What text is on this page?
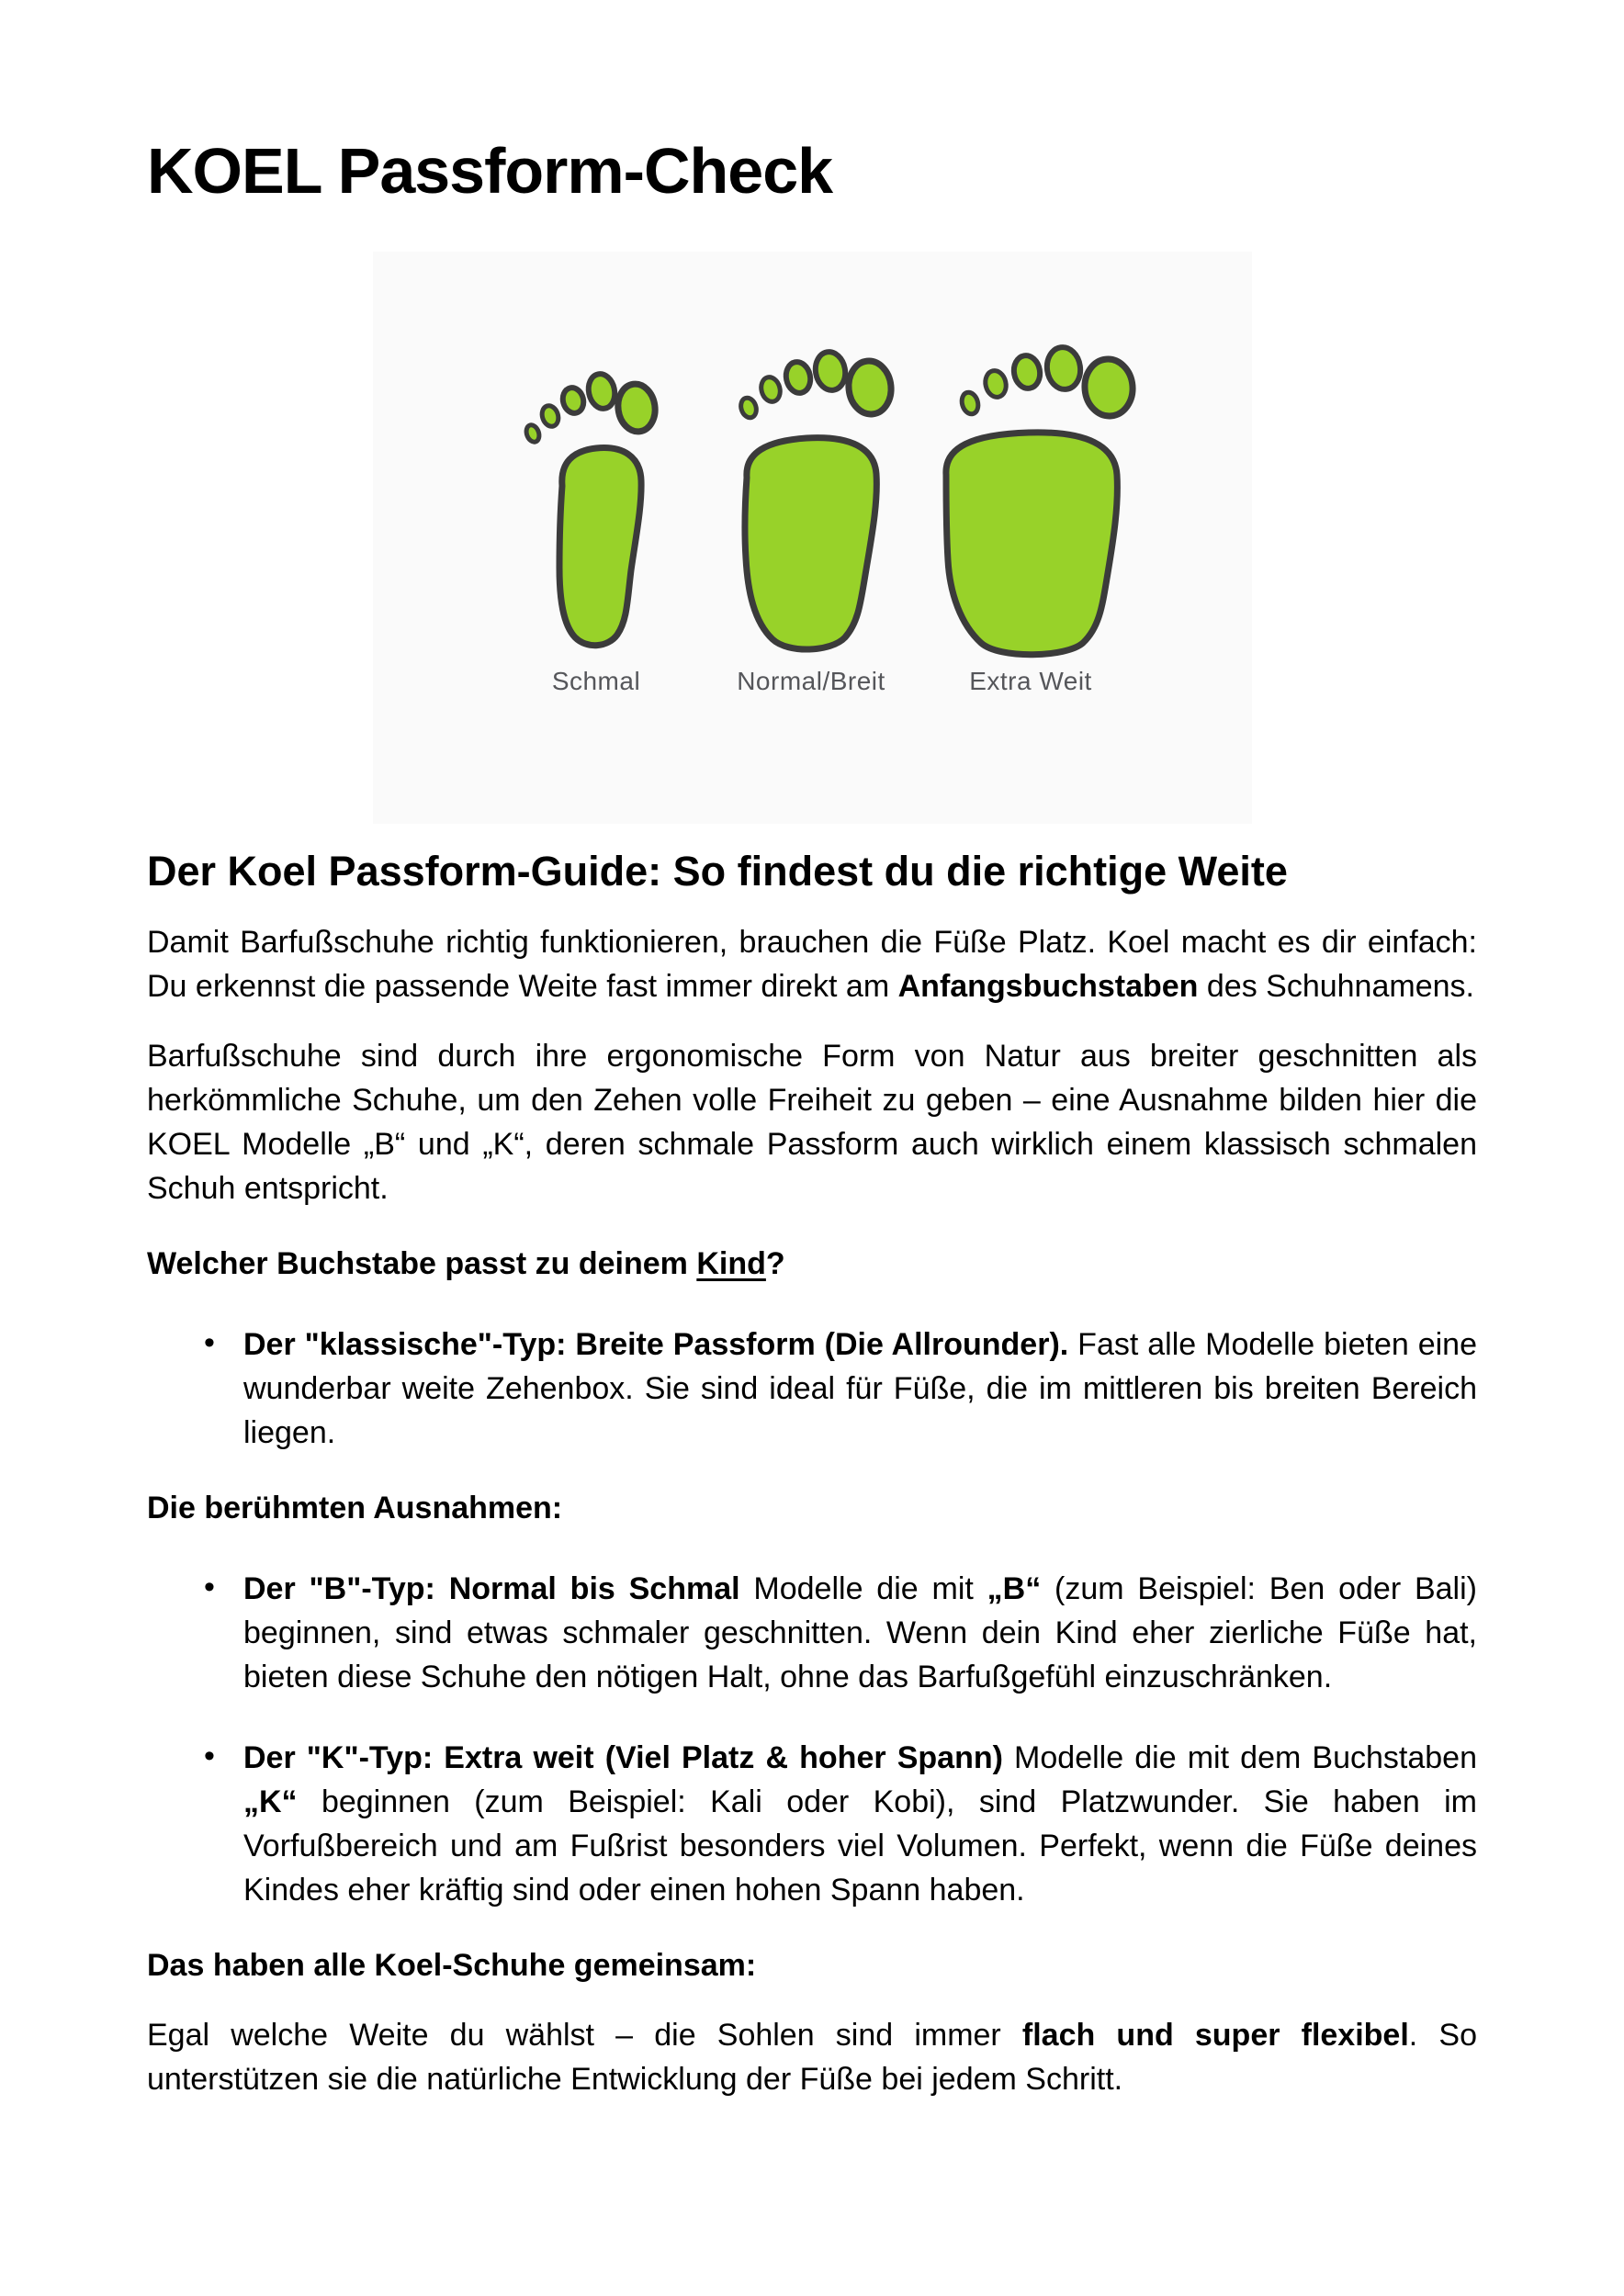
KOEL Passform-Check
Schmal	Normal/Breit	Extra Weit
Der Koel Passform-Guide: So findest du die richtige Weite

Damit Barfußschuhe richtig funktionieren, brauchen die Füße Platz. Koel macht es dir einfach: Du erkennst die passende Weite fast immer direkt am Anfangsbuchstaben des Schuhnamens.

Barfußschuhe sind durch ihre ergonomische Form von Natur aus breiter geschnitten als herkömmliche Schuhe, um den Zehen volle Freiheit zu geben – eine Ausnahme bilden hier die KOEL Modelle „B“ und „K“, deren schmale Passform auch wirklich einem klassisch schmalen Schuh entspricht.

Welcher Buchstabe passt zu deinem Kind?

• Der "klassische"-Typ: Breite Passform (Die Allrounder). Fast alle Modelle bieten eine wunderbar weite Zehenbox. Sie sind ideal für Füße, die im mittleren bis breiten Bereich liegen.

Die berühmten Ausnahmen:

• Der "B"-Typ: Normal bis Schmal Modelle die mit „B“ (zum Beispiel: Ben oder Bali) beginnen, sind etwas schmaler geschnitten. Wenn dein Kind eher zierliche Füße hat, bieten diese Schuhe den nötigen Halt, ohne das Barfußgefühl einzuschränken.
• Der "K"-Typ: Extra weit (Viel Platz & hoher Spann) Modelle die mit dem Buchstaben „K“ beginnen (zum Beispiel: Kali oder Kobi), sind Platzwunder. Sie haben im Vorfußbereich und am Fußrist besonders viel Volumen. Perfekt, wenn die Füße deines Kindes eher kräftig sind oder einen hohen Spann haben.

Das haben alle Koel-Schuhe gemeinsam:

Egal welche Weite du wählst – die Sohlen sind immer flach und super flexibel. So unterstützen sie die natürliche Entwicklung der Füße bei jedem Schritt.
